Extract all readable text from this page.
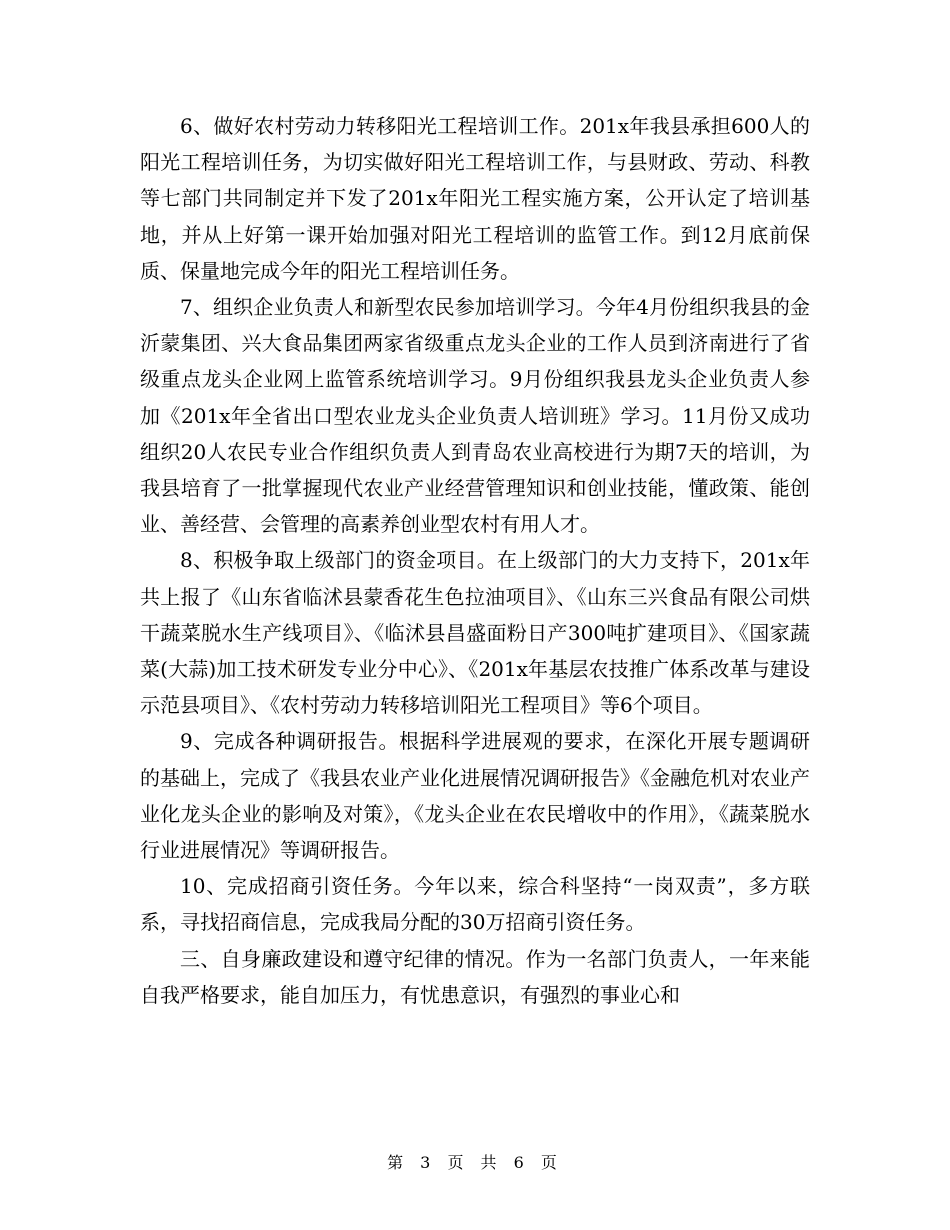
6、做好农村劳动力转移阳光工程培训工作。201x年我县承担600人的阳光工程培训任务，为切实做好阳光工程培训工作，与县财政、劳动、科教等七部门共同制定并下发了201x年阳光工程实施方案，公开认定了培训基地，并从上好第一课开始加强对阳光工程培训的监管工作。到12月底前保质、保量地完成今年的阳光工程培训任务。

7、组织企业负责人和新型农民参加培训学习。今年4月份组织我县的金沂蒙集团、兴大食品集团两家省级重点龙头企业的工作人员到济南进行了省级重点龙头企业网上监管系统培训学习。9月份组织我县龙头企业负责人参加《201x年全省出口型农业龙头企业负责人培训班》学习。11月份又成功组织20人农民专业合作组织负责人到青岛农业高校进行为期7天的培训，为我县培育了一批掌握现代农业产业经营管理知识和创业技能，懂政策、能创业、善经营、会管理的高素养创业型农村有用人才。

8、积极争取上级部门的资金项目。在上级部门的大力支持下，201x年共上报了《山东省临沭县蒙香花生色拉油项目》、《山东三兴食品有限公司烘干蔬菜脱水生产线项目》、《临沭县昌盛面粉日产300吨扩建项目》、《国家蔬菜(大蒜)加工技术研发专业分中心》、《201x年基层农技推广体系改革与建设示范县项目》、《农村劳动力转移培训阳光工程项目》等6个项目。

9、完成各种调研报告。根据科学进展观的要求，在深化开展专题调研的基础上，完成了《我县农业产业化进展情况调研报告》《金融危机对农业产业化龙头企业的影响及对策》，《龙头企业在农民增收中的作用》，《蔬菜脱水行业进展情况》等调研报告。

10、完成招商引资任务。今年以来，综合科坚持“一岗双责”，多方联系，寻找招商信息，完成我局分配的30万招商引资任务。

三、自身廉政建设和遵守纪律的情况。作为一名部门负责人，一年来能自我严格要求，能自加压力，有忧患意识，有强烈的事业心和

第 3 页 共 6 页
